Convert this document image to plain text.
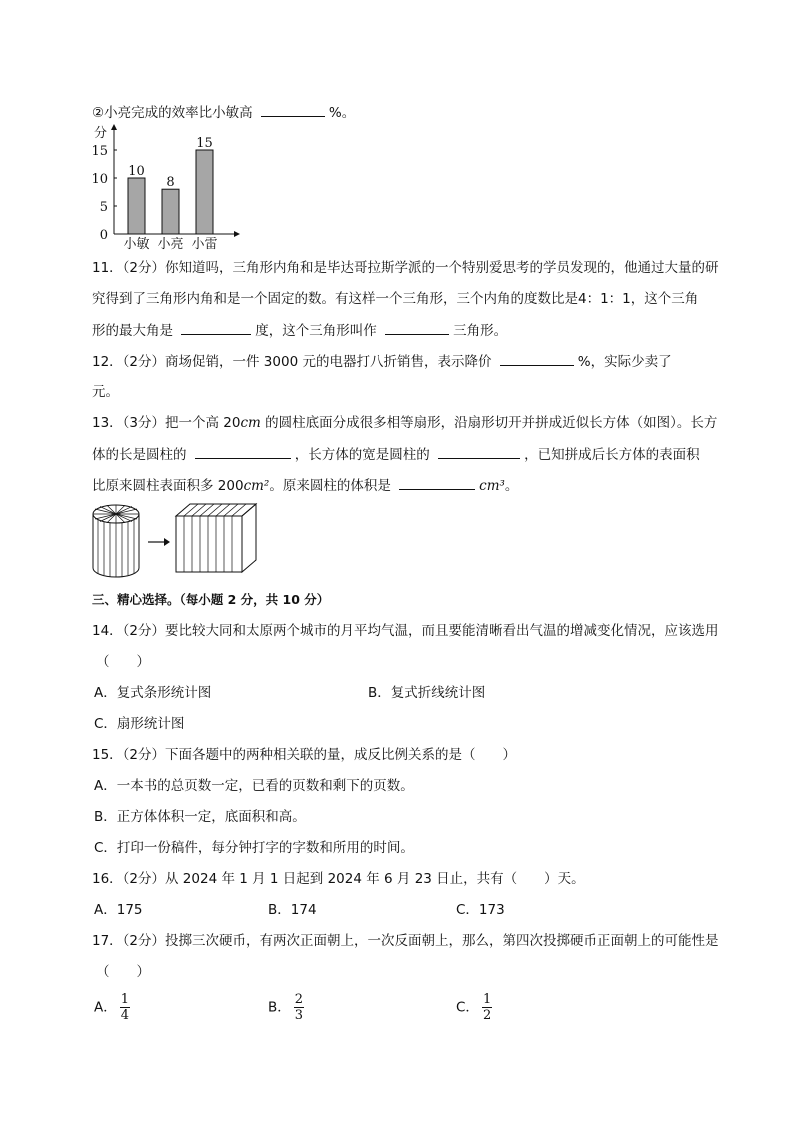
②小亮完成的效率比小敏高	%。
分
0
5
10
15
10
小敏
8
小亮
15
小雷
11．（2分）你知道吗，三角形内角和是毕达哥拉斯学派的一个特别爱思考的学员发现的，他通过大量的研
究得到了三角形内角和是一个固定的数。有这样一个三角形，三个内角的度数比是4：1：1，这个三角
形的最大角是	度，这个三角形叫作	三角形。
12．（2分）商场促销，一件 3000 元的电器打八折销售，表示降价	%，实际少卖了
元。
13．（3分）把一个高 20cm 的圆柱底面分成很多相等扇形，沿扇形切开并拼成近似长方体（如图）。长方
体的长是圆柱的	，长方体的宽是圆柱的	，已知拼成后长方体的表面积
比原来圆柱表面积多 200cm²。原来圆柱的体积是	cm³。
三、精心选择。（每小题 2 分，共 10 分）
14．（2分）要比较大同和太原两个城市的月平均气温，而且要能清晰看出气温的增减变化情况，应该选用
（　　）
A．复式条形统计图	B．复式折线统计图
C．扇形统计图
15．（2分）下面各题中的两种相关联的量，成反比例关系的是（　　）
A．一本书的总页数一定，已看的页数和剩下的页数。
B．正方体体积一定，底面积和高。
C．打印一份稿件，每分钟打字的字数和所用的时间。
16．（2分）从 2024 年 1 月 1 日起到 2024 年 6 月 23 日止，共有（　　）天。
A．175	B．174	C．173
17．（2分）投掷三次硬币，有两次正面朝上，一次反面朝上，那么，第四次投掷硬币正面朝上的可能性是
（　　）
A． $\frac{1}{4}$	B． $\frac{2}{3}$	C． $\frac{1}{2}$
